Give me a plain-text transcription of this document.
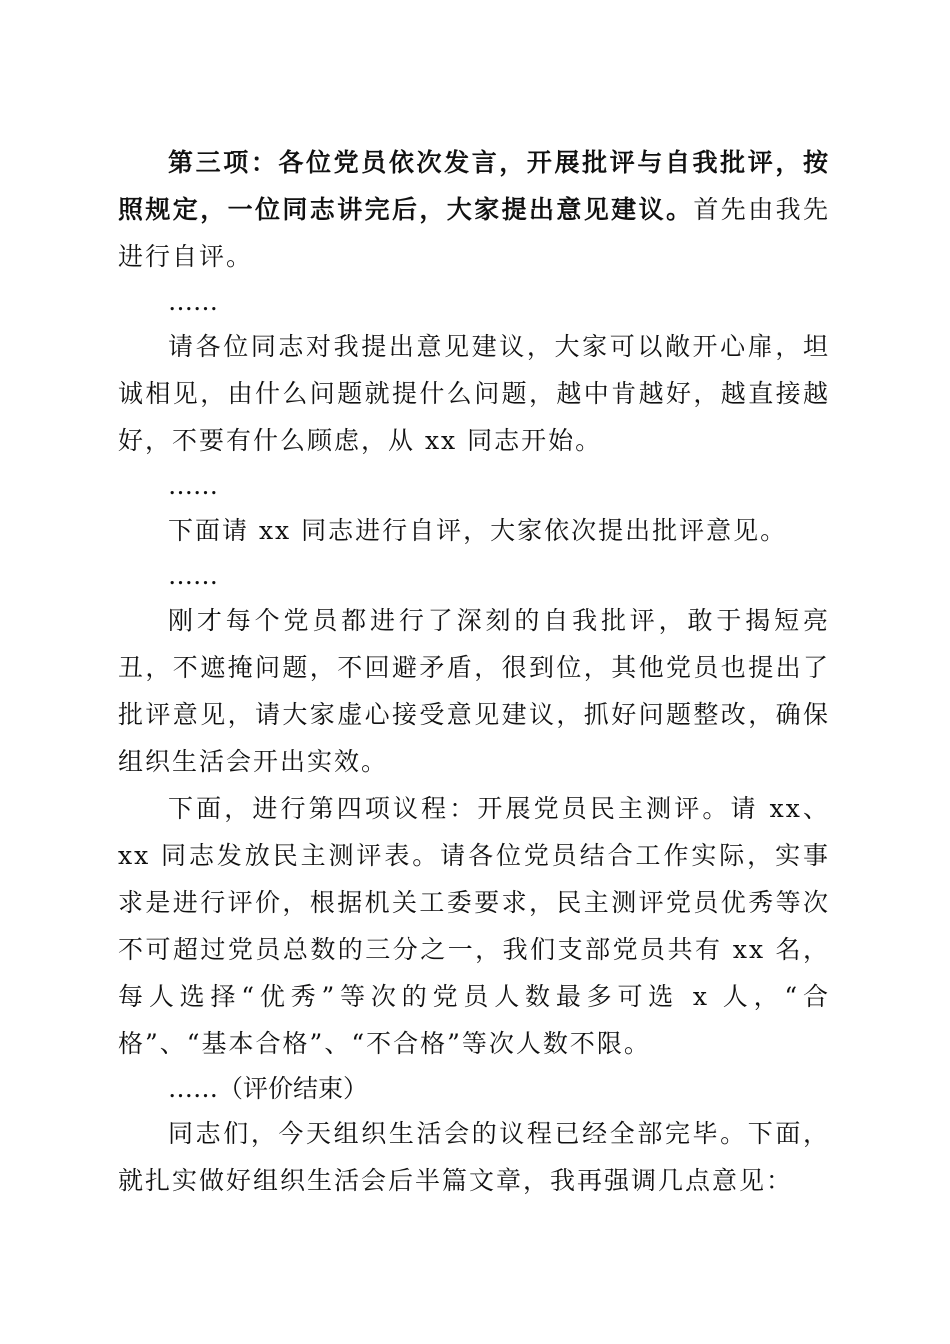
第三项：各位党员依次发言，开展批评与自我批评，按照规定，一位同志讲完后，大家提出意见建议。首先由我先进行自评。

……

请各位同志对我提出意见建议，大家可以敞开心扉，坦诚相见，由什么问题就提什么问题，越中肯越好，越直接越好，不要有什么顾虑，从 xx 同志开始。

……

下面请 xx 同志进行自评，大家依次提出批评意见。

……

刚才每个党员都进行了深刻的自我批评，敢于揭短亮丑，不遮掩问题，不回避矛盾，很到位，其他党员也提出了批评意见，请大家虚心接受意见建议，抓好问题整改，确保组织生活会开出实效。

下面，进行第四项议程：开展党员民主测评。请 xx、xx 同志发放民主测评表。请各位党员结合工作实际，实事求是进行评价，根据机关工委要求，民主测评党员优秀等次不可超过党员总数的三分之一，我们支部党员共有 xx 名，每人选择“优秀”等次的党员人数最多可选 x 人，“合格”、“基本合格”、“不合格”等次人数不限。

……（评价结束）

同志们，今天组织生活会的议程已经全部完毕。下面，就扎实做好组织生活会后半篇文章，我再强调几点意见：
